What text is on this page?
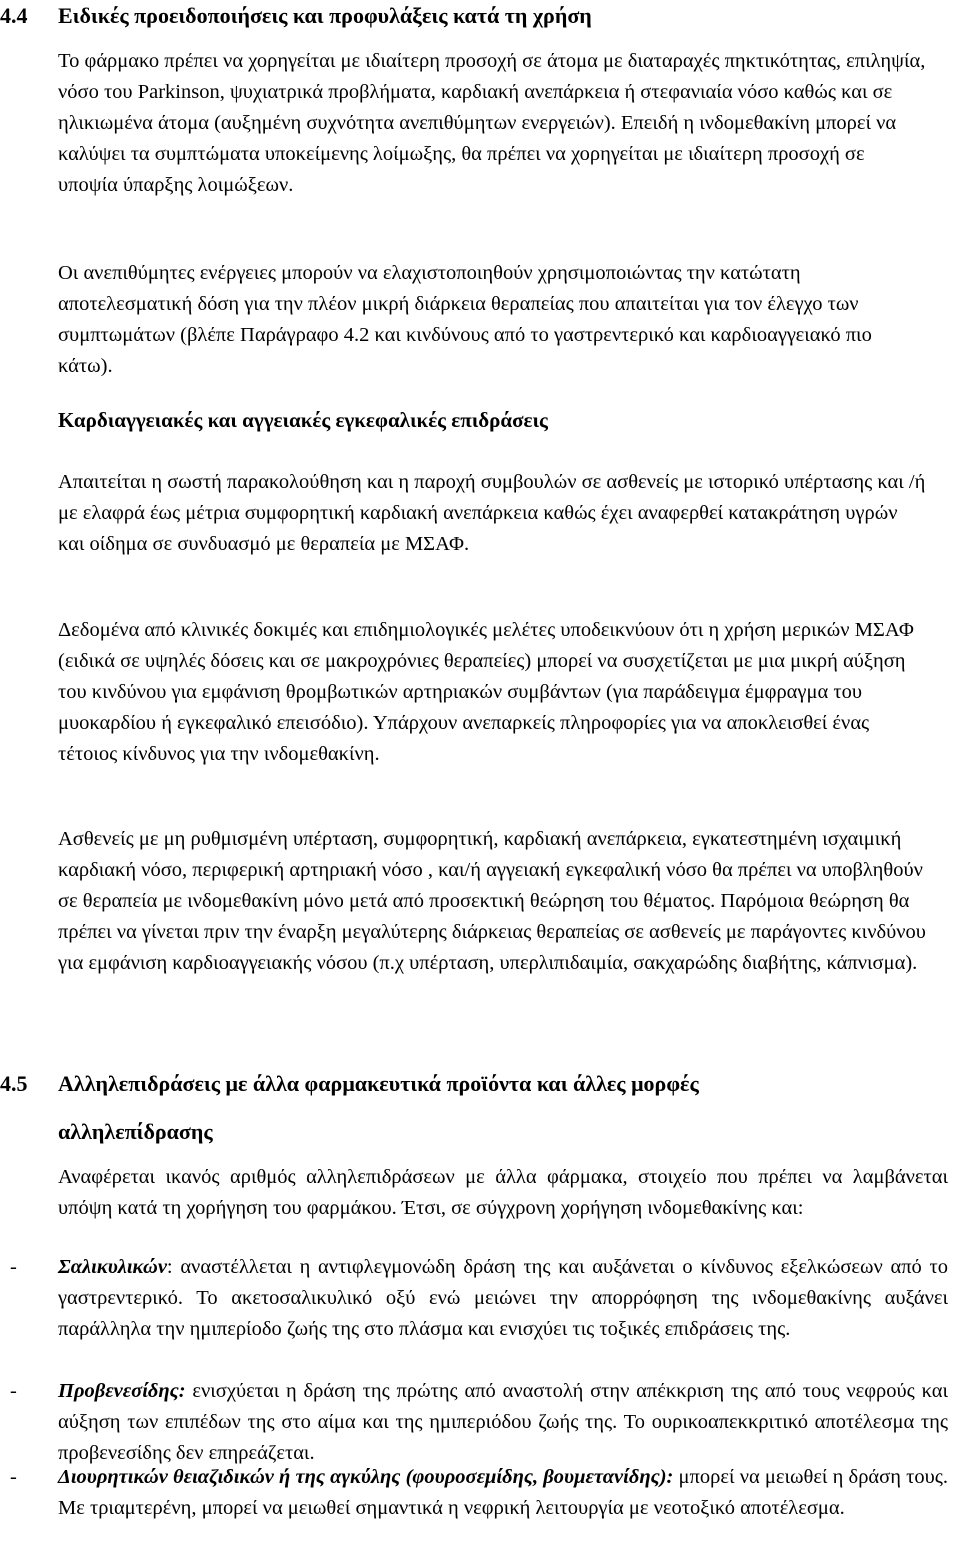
4.4 Ειδικές προειδοποιήσεις και προφυλάξεις κατά τη χρήση

Το φάρμακο πρέπει να χορηγείται με ιδιαίτερη προσοχή σε άτομα με διαταραχές πηκτικότητας, επιληψία, νόσο του Parkinson, ψυχιατρικά προβλήματα, καρδιακή ανεπάρκεια ή στεφανιαία νόσο καθώς και σε ηλικιωμένα άτομα (αυξημένη συχνότητα ανεπιθύμητων ενεργειών). Επειδή η ινδομεθακίνη μπορεί να καλύψει τα συμπτώματα υποκείμενης λοίμωξης, θα πρέπει να χορηγείται με ιδιαίτερη προσοχή σε υποψία ύπαρξης λοιμώξεων.

Οι ανεπιθύμητες ενέργειες μπορούν να ελαχιστοποιηθούν χρησιμοποιώντας την κατώτατη αποτελεσματική δόση για την πλέον μικρή διάρκεια θεραπείας που απαιτείται για τον έλεγχο των συμπτωμάτων (βλέπε Παράγραφο 4.2 και κινδύνους από το γαστρεντερικό και καρδιοαγγειακό πιο κάτω).

Καρδιαγγειακές και αγγειακές εγκεφαλικές επιδράσεις

Απαιτείται η σωστή παρακολούθηση και η παροχή συμβουλών σε ασθενείς με ιστορικό υπέρτασης και /ή με ελαφρά έως μέτρια συμφορητική καρδιακή ανεπάρκεια καθώς έχει αναφερθεί κατακράτηση υγρών και οίδημα σε συνδυασμό με θεραπεία με ΜΣΑΦ.

Δεδομένα από κλινικές δοκιμές και επιδημιολογικές μελέτες υποδεικνύουν ότι η χρήση μερικών ΜΣΑΦ (ειδικά σε υψηλές δόσεις και σε μακροχρόνιες θεραπείες) μπορεί να συσχετίζεται με μια μικρή αύξηση του κινδύνου για εμφάνιση θρομβωτικών αρτηριακών συμβάντων (για παράδειγμα έμφραγμα του μυοκαρδίου ή εγκεφαλικό επεισόδιο). Υπάρχουν ανεπαρκείς πληροφορίες για να αποκλεισθεί ένας τέτοιος κίνδυνος για την ινδομεθακίνη.

Ασθενείς με μη ρυθμισμένη υπέρταση, συμφορητική, καρδιακή ανεπάρκεια, εγκατεστημένη ισχαιμική καρδιακή νόσο, περιφερική αρτηριακή νόσο , και/ή αγγειακή εγκεφαλική νόσο θα πρέπει να υποβληθούν σε θεραπεία με ινδομεθακίνη μόνο μετά από προσεκτική θεώρηση του θέματος. Παρόμοια θεώρηση θα πρέπει να γίνεται πριν την έναρξη μεγαλύτερης διάρκειας θεραπείας σε ασθενείς με παράγοντες κινδύνου για εμφάνιση καρδιοαγγειακής νόσου (π.χ υπέρταση, υπερλιπιδαιμία, σακχαρώδης διαβήτης, κάπνισμα).

4.5 Αλληλεπιδράσεις με άλλα φαρμακευτικά προϊόντα και άλλες μορφές
αλληλεπίδρασης

Αναφέρεται ικανός αριθμός αλληλεπιδράσεων με άλλα φάρμακα, στοιχείο που πρέπει να λαμβάνεται υπόψη κατά τη χορήγηση του φαρμάκου. Έτσι, σε σύγχρονη χορήγηση ινδομεθακίνης και:

- Σαλικυλικών: αναστέλλεται η αντιφλεγμονώδη δράση της και αυξάνεται ο κίνδυνος εξελκώσεων από το γαστρεντερικό. Το ακετοσαλικυλικό οξύ ενώ μειώνει την απορρόφηση της ινδομεθακίνης αυξάνει παράλληλα την ημιπερίοδο ζωής της στο πλάσμα και ενισχύει τις τοξικές επιδράσεις της.
- Προβενεσίδης: ενισχύεται η δράση της πρώτης από αναστολή στην απέκκριση της από τους νεφρούς και αύξηση των επιπέδων της στο αίμα και της ημιπεριόδου ζωής της. Το ουρικοαπεκκριτικό αποτέλεσμα της προβενεσίδης δεν επηρεάζεται.
- Διουρητικών θειαζιδικών ή της αγκύλης (φουροσεμίδης, βουμετανίδης): μπορεί να μειωθεί η δράση τους. Με τριαμτερένη, μπορεί να μειωθεί σημαντικά η νεφρική λειτουργία με νεοτοξικό αποτέλεσμα.
